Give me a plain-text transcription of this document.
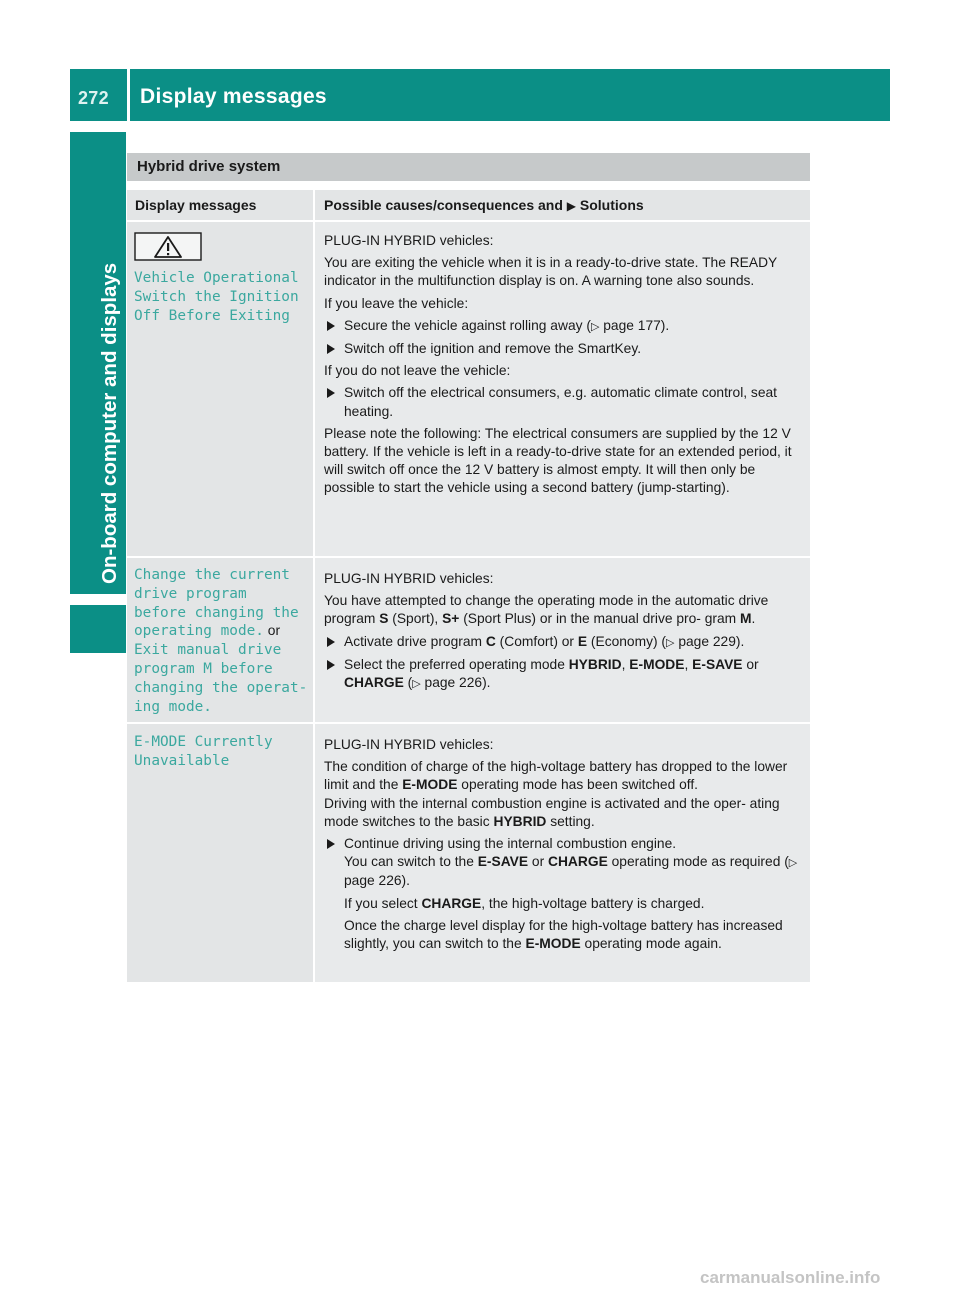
272	Display messages
On-board computer and displays
Hybrid drive system
Display messages	Possible causes/consequences and ▶ Solutions
Vehicle Operational
Switch the Ignition
Off Before Exiting
PLUG-IN HYBRID vehicles:
You are exiting the vehicle when it is in a ready-to-drive state. The READY indicator in the multifunction display is on. A warning tone also sounds.
If you leave the vehicle:
Secure the vehicle against rolling away (▷ page 177).
Switch off the ignition and remove the SmartKey.
If you do not leave the vehicle:
Switch off the electrical consumers, e.g. automatic climate control, seat heating.
Please note the following: The electrical consumers are supplied by the 12 V battery. If the vehicle is left in a ready-to-drive state for an extended period, it will switch off once the 12 V battery is almost empty. It will then only be possible to start the vehicle using a second battery (jump-starting).
Change the current
drive program
before changing the
operating mode. or
Exit manual drive
program M before
changing the operat‐
ing mode.
PLUG-IN HYBRID vehicles:
You have attempted to change the operating mode in the automatic drive program S (Sport), S+ (Sport Plus) or in the manual drive pro‐ gram M.
Activate drive program C (Comfort) or E (Economy) (▷ page 229).
Select the preferred operating mode HYBRID, E-MODE, E-SAVE or CHARGE (▷ page 226).
E-MODE Currently
Unavailable
PLUG-IN HYBRID vehicles:
The condition of charge of the high-voltage battery has dropped to the lower limit and the E-MODE operating mode has been switched off.
Driving with the internal combustion engine is activated and the oper‐ ating mode switches to the basic HYBRID setting.
Continue driving using the internal combustion engine.
You can switch to the E-SAVE or CHARGE operating mode as required (▷ page 226).
If you select CHARGE, the high-voltage battery is charged.
Once the charge level display for the high-voltage battery has increased slightly, you can switch to the E-MODE operating mode again.
carmanualsonline.info
